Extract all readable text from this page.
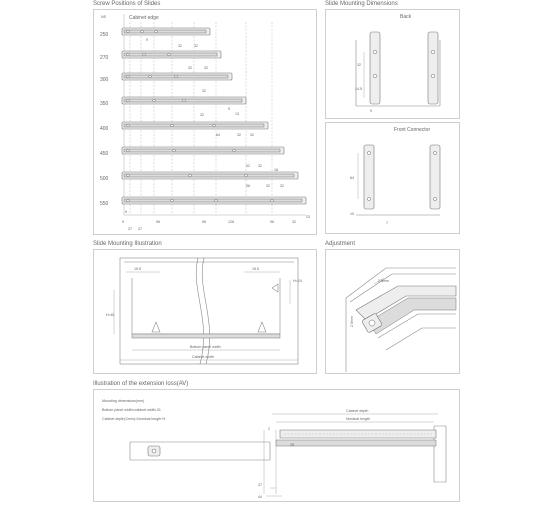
Screw Positions of Slides
NS	Cabinet edge
250
9
32	32
270
32	32
300
350
32
32
9
13
400
64	32	32
450
32 32
18
500
96	32	32
550
9
96	96	128	96	32
23
9
37 37
Slide Mounting Dimensions
Back
32
14.5
9
Front Connector
64
7
10
Slide Mounting Illustration
15.5	15.5
H=24
H=81
Bottom panel width
Cabinet width
Adjustment
2.5mm
2.5mm
Illustration of the extension loss(AV)
Mounting dimensions(mm)
Bottom panel width=cabinet width-31
Cabinet depth(Cmin)=Nominal length+5
Cabinet depth
Nominal length
2
28
37
44
